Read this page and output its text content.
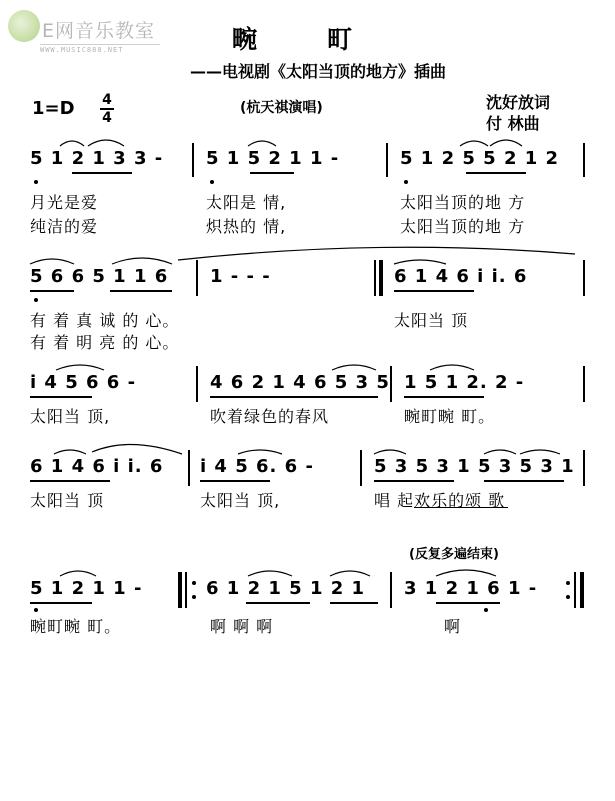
E网音乐教室
WWW.MUSIC888.NET	畹町
——电视剧《太阳当顶的地方》插曲
1=D 4
4
(杭天祺演唱)	沈好放词
付 林曲
5 1 2 1 3 3 - 5 1 5 2 1 1 -	5 1 2 5 5 2 1 2
月光是爱	太阳是 情,	太阳当顶的地 方
纯洁的爱	炽热的 情,	太阳当顶的地 方
5 6 6 5 1 1 6 1 - - -	6 1 4 6 i i. 6
有 着 真 诚 的 心。	太阳当 顶
有 着 明 亮 的 心。
i 4 5 6 6 -	4 6 2 1 4 6 5 3 5 1 5 1 2. 2 -
太阳当 顶,	吹着绿色的春风	畹町畹 町。
6 1 4 6 i i. 6 i 4 5 6. 6 -	5 3 5 3 1 5 3 5 3 1
太阳当 顶	太阳当 顶,	唱 起欢乐的颂 歌
(反复多遍结束)
5 1 2 1 1 -	6 1 2 1 5 1 2 1 3 1 2 1 6 1 -
畹町畹 町。	啊 啊 啊	啊
